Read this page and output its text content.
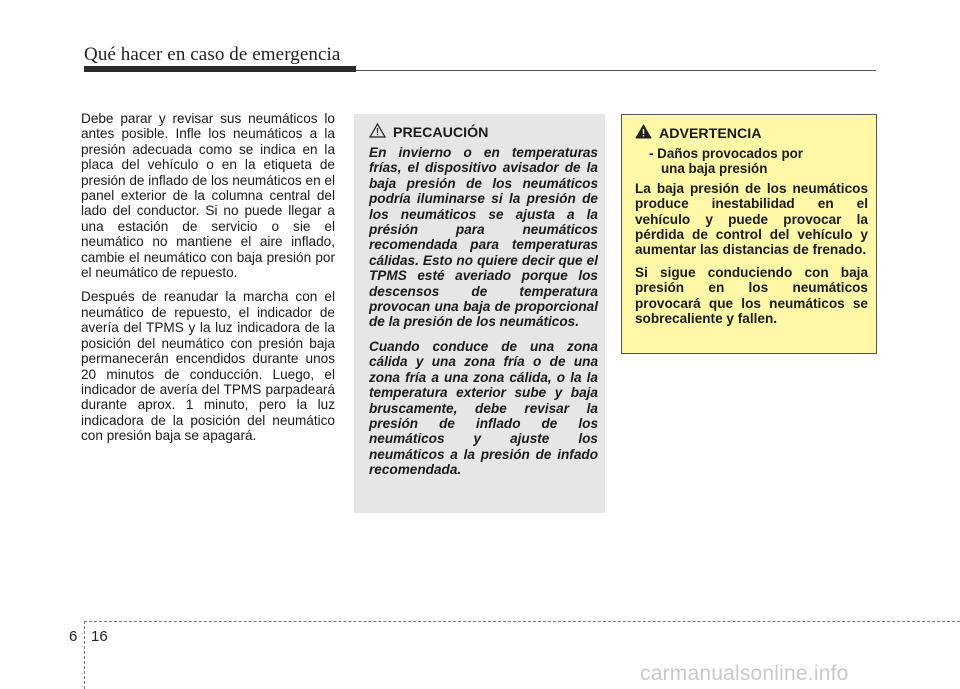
Qué hacer en caso de emergencia

Debe parar y revisar sus neumáticos lo antes posible. Infle los neumáticos a la presión adecuada como se indica en la placa del vehículo o en la etiqueta de presión de inflado de los neumáticos en el panel exterior de la columna central del lado del conductor. Si no puede llegar a una estación de servicio o sie el neumático no mantiene el aire inflado, cambie el neumático con baja presión por el neumático de repuesto.

Después de reanudar la marcha con el neumático de repuesto, el indicador de avería del TPMS y la luz indicadora de la posición del neumático con presión baja permanecerán encendidos durante unos 20 minutos de conducción. Luego, el indicador de avería del TPMS parpadeará durante aprox. 1 minuto, pero la luz indicadora de la posición del neumático con presión baja se apagará.

PRECAUCIÓN

En invierno o en temperaturas frías, el dispositivo avisador de la baja presión de los neumáticos podría iluminarse si la presión de los neumáticos se ajusta a la présión para neumáticos recomendada para temperaturas cálidas. Esto no quiere decir que el TPMS esté averiado porque los descensos de temperatura provocan una baja de proporcional de la presión de los neumáticos.

Cuando conduce de una zona cálida y una zona fría o de una zona fría a una zona cálida, o la la temperatura exterior sube y baja bruscamente, debe revisar la presión de inflado de los neumáticos y ajuste los neumáticos a la presión de infado recomendada.

ADVERTENCIA
- Daños provocados por
una baja presión

La baja presión de los neumáticos produce inestabilidad en el vehículo y puede provocar la pérdida de control del vehículo y aumentar las distancias de frenado.

Si sigue conduciendo con baja presión en los neumáticos provocará que los neumáticos se sobrecaliente y fallen.

6 16
carmanualsonline.info
